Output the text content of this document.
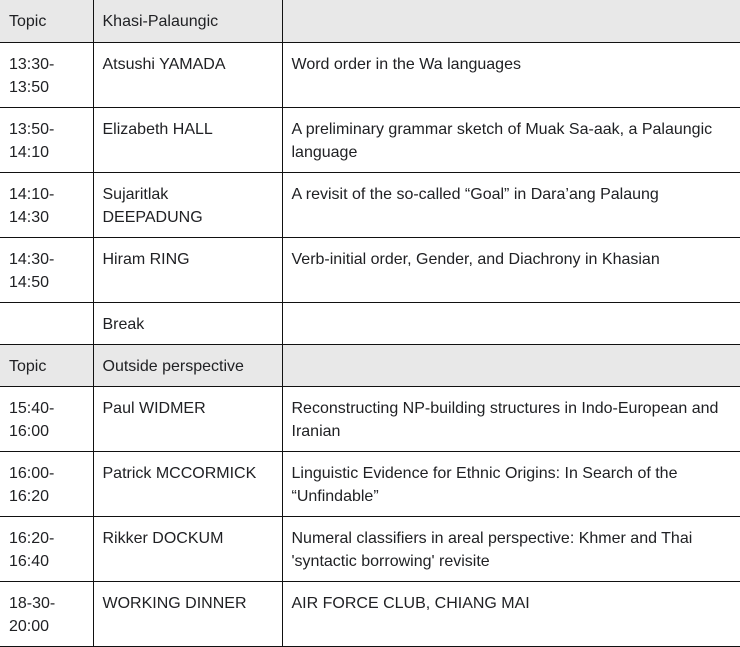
Topic	Khasi-Palaungic	
13:30-
13:50	Atsushi YAMADA	Word order in the Wa languages
13:50-
14:10	Elizabeth HALL	A preliminary grammar sketch of Muak Sa-aak, a Palaungic language
14:10-
14:30	Sujaritlak DEEPADUNG	A revisit of the so-called “Goal” in Dara’ang Palaung
14:30-
14:50	Hiram RING	Verb-initial order, Gender, and Diachrony in Khasian
	Break	
Topic	Outside perspective	
15:40-
16:00	Paul WIDMER	Reconstructing NP-building structures in Indo-European and Iranian
16:00-
16:20	Patrick MCCORMICK	Linguistic Evidence for Ethnic Origins: In Search of the “Unfindable”
16:20-
16:40	Rikker DOCKUM	Numeral classifiers in areal perspective: Khmer and Thai 'syntactic borrowing' revisite
18-30-
20:00	WORKING DINNER	AIR FORCE CLUB, CHIANG MAI
